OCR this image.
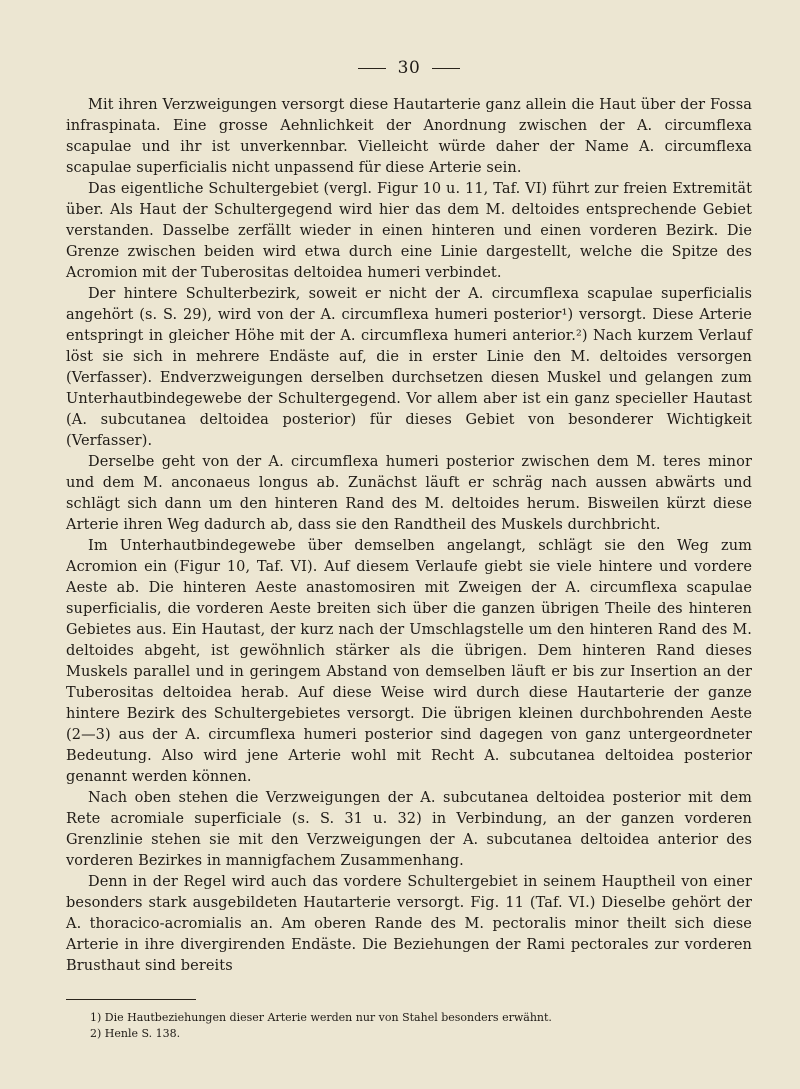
30

Mit ihren Verzweigungen versorgt diese Hautarterie ganz allein die Haut über der Fossa infraspinata. Eine grosse Aehnlichkeit der Anordnung zwischen der A. circumflexa scapulae und ihr ist unverkennbar. Vielleicht würde daher der Name A. circumflexa scapulae superficialis nicht unpassend für diese Arterie sein.

Das eigentliche Schultergebiet (vergl. Figur 10 u. 11, Taf. VI) führt zur freien Extremität über. Als Haut der Schultergegend wird hier das dem M. deltoides entsprechende Gebiet verstanden. Dasselbe zerfällt wieder in einen hinteren und einen vorderen Bezirk. Die Grenze zwischen beiden wird etwa durch eine Linie dargestellt, welche die Spitze des Acromion mit der Tuberositas deltoidea humeri verbindet.

Der hintere Schulterbezirk, soweit er nicht der A. circumflexa scapulae superficialis angehört (s. S. 29), wird von der A. circumflexa humeri posterior¹) versorgt. Diese Arterie entspringt in gleicher Höhe mit der A. circumflexa humeri anterior.²) Nach kurzem Verlauf löst sie sich in mehrere Endäste auf, die in erster Linie den M. deltoides versorgen (Verfasser). Endverzweigungen derselben durchsetzen diesen Muskel und gelangen zum Unterhautbindegewebe der Schultergegend. Vor allem aber ist ein ganz specieller Hautast (A. subcutanea deltoidea posterior) für dieses Gebiet von besonderer Wichtigkeit (Verfasser).

Derselbe geht von der A. circumflexa humeri posterior zwischen dem M. teres minor und dem M. anconaeus longus ab. Zunächst läuft er schräg nach aussen abwärts und schlägt sich dann um den hinteren Rand des M. deltoides herum. Bisweilen kürzt diese Arterie ihren Weg dadurch ab, dass sie den Randtheil des Muskels durchbricht.

Im Unterhautbindegewebe über demselben angelangt, schlägt sie den Weg zum Acromion ein (Figur 10, Taf. VI). Auf diesem Verlaufe giebt sie viele hintere und vordere Aeste ab. Die hinteren Aeste anastomosiren mit Zweigen der A. circumflexa scapulae superficialis, die vorderen Aeste breiten sich über die ganzen übrigen Theile des hinteren Gebietes aus. Ein Hautast, der kurz nach der Umschlagstelle um den hinteren Rand des M. deltoides abgeht, ist gewöhnlich stärker als die übrigen. Dem hinteren Rand dieses Muskels parallel und in geringem Abstand von demselben läuft er bis zur Insertion an der Tuberositas deltoidea herab. Auf diese Weise wird durch diese Hautarterie der ganze hintere Bezirk des Schultergebietes versorgt. Die übrigen kleinen durchbohrenden Aeste (2—3) aus der A. circumflexa humeri posterior sind dagegen von ganz untergeordneter Bedeutung. Also wird jene Arterie wohl mit Recht A. subcutanea deltoidea posterior genannt werden können.

Nach oben stehen die Verzweigungen der A. subcutanea deltoidea posterior mit dem Rete acromiale superficiale (s. S. 31 u. 32) in Verbindung, an der ganzen vorderen Grenzlinie stehen sie mit den Verzweigungen der A. subcutanea deltoidea anterior des vorderen Bezirkes in mannigfachem Zusammenhang.

Denn in der Regel wird auch das vordere Schultergebiet in seinem Hauptheil von einer besonders stark ausgebildeten Hautarterie versorgt. Fig. 11 (Taf. VI.) Dieselbe gehört der A. thoracico-acromialis an. Am oberen Rande des M. pectoralis minor theilt sich diese Arterie in ihre divergirenden Endäste. Die Beziehungen der Rami pectorales zur vorderen Brusthaut sind bereits

1) Die Hautbeziehungen dieser Arterie werden nur von Stahel besonders erwähnt.

2) Henle S. 138.
